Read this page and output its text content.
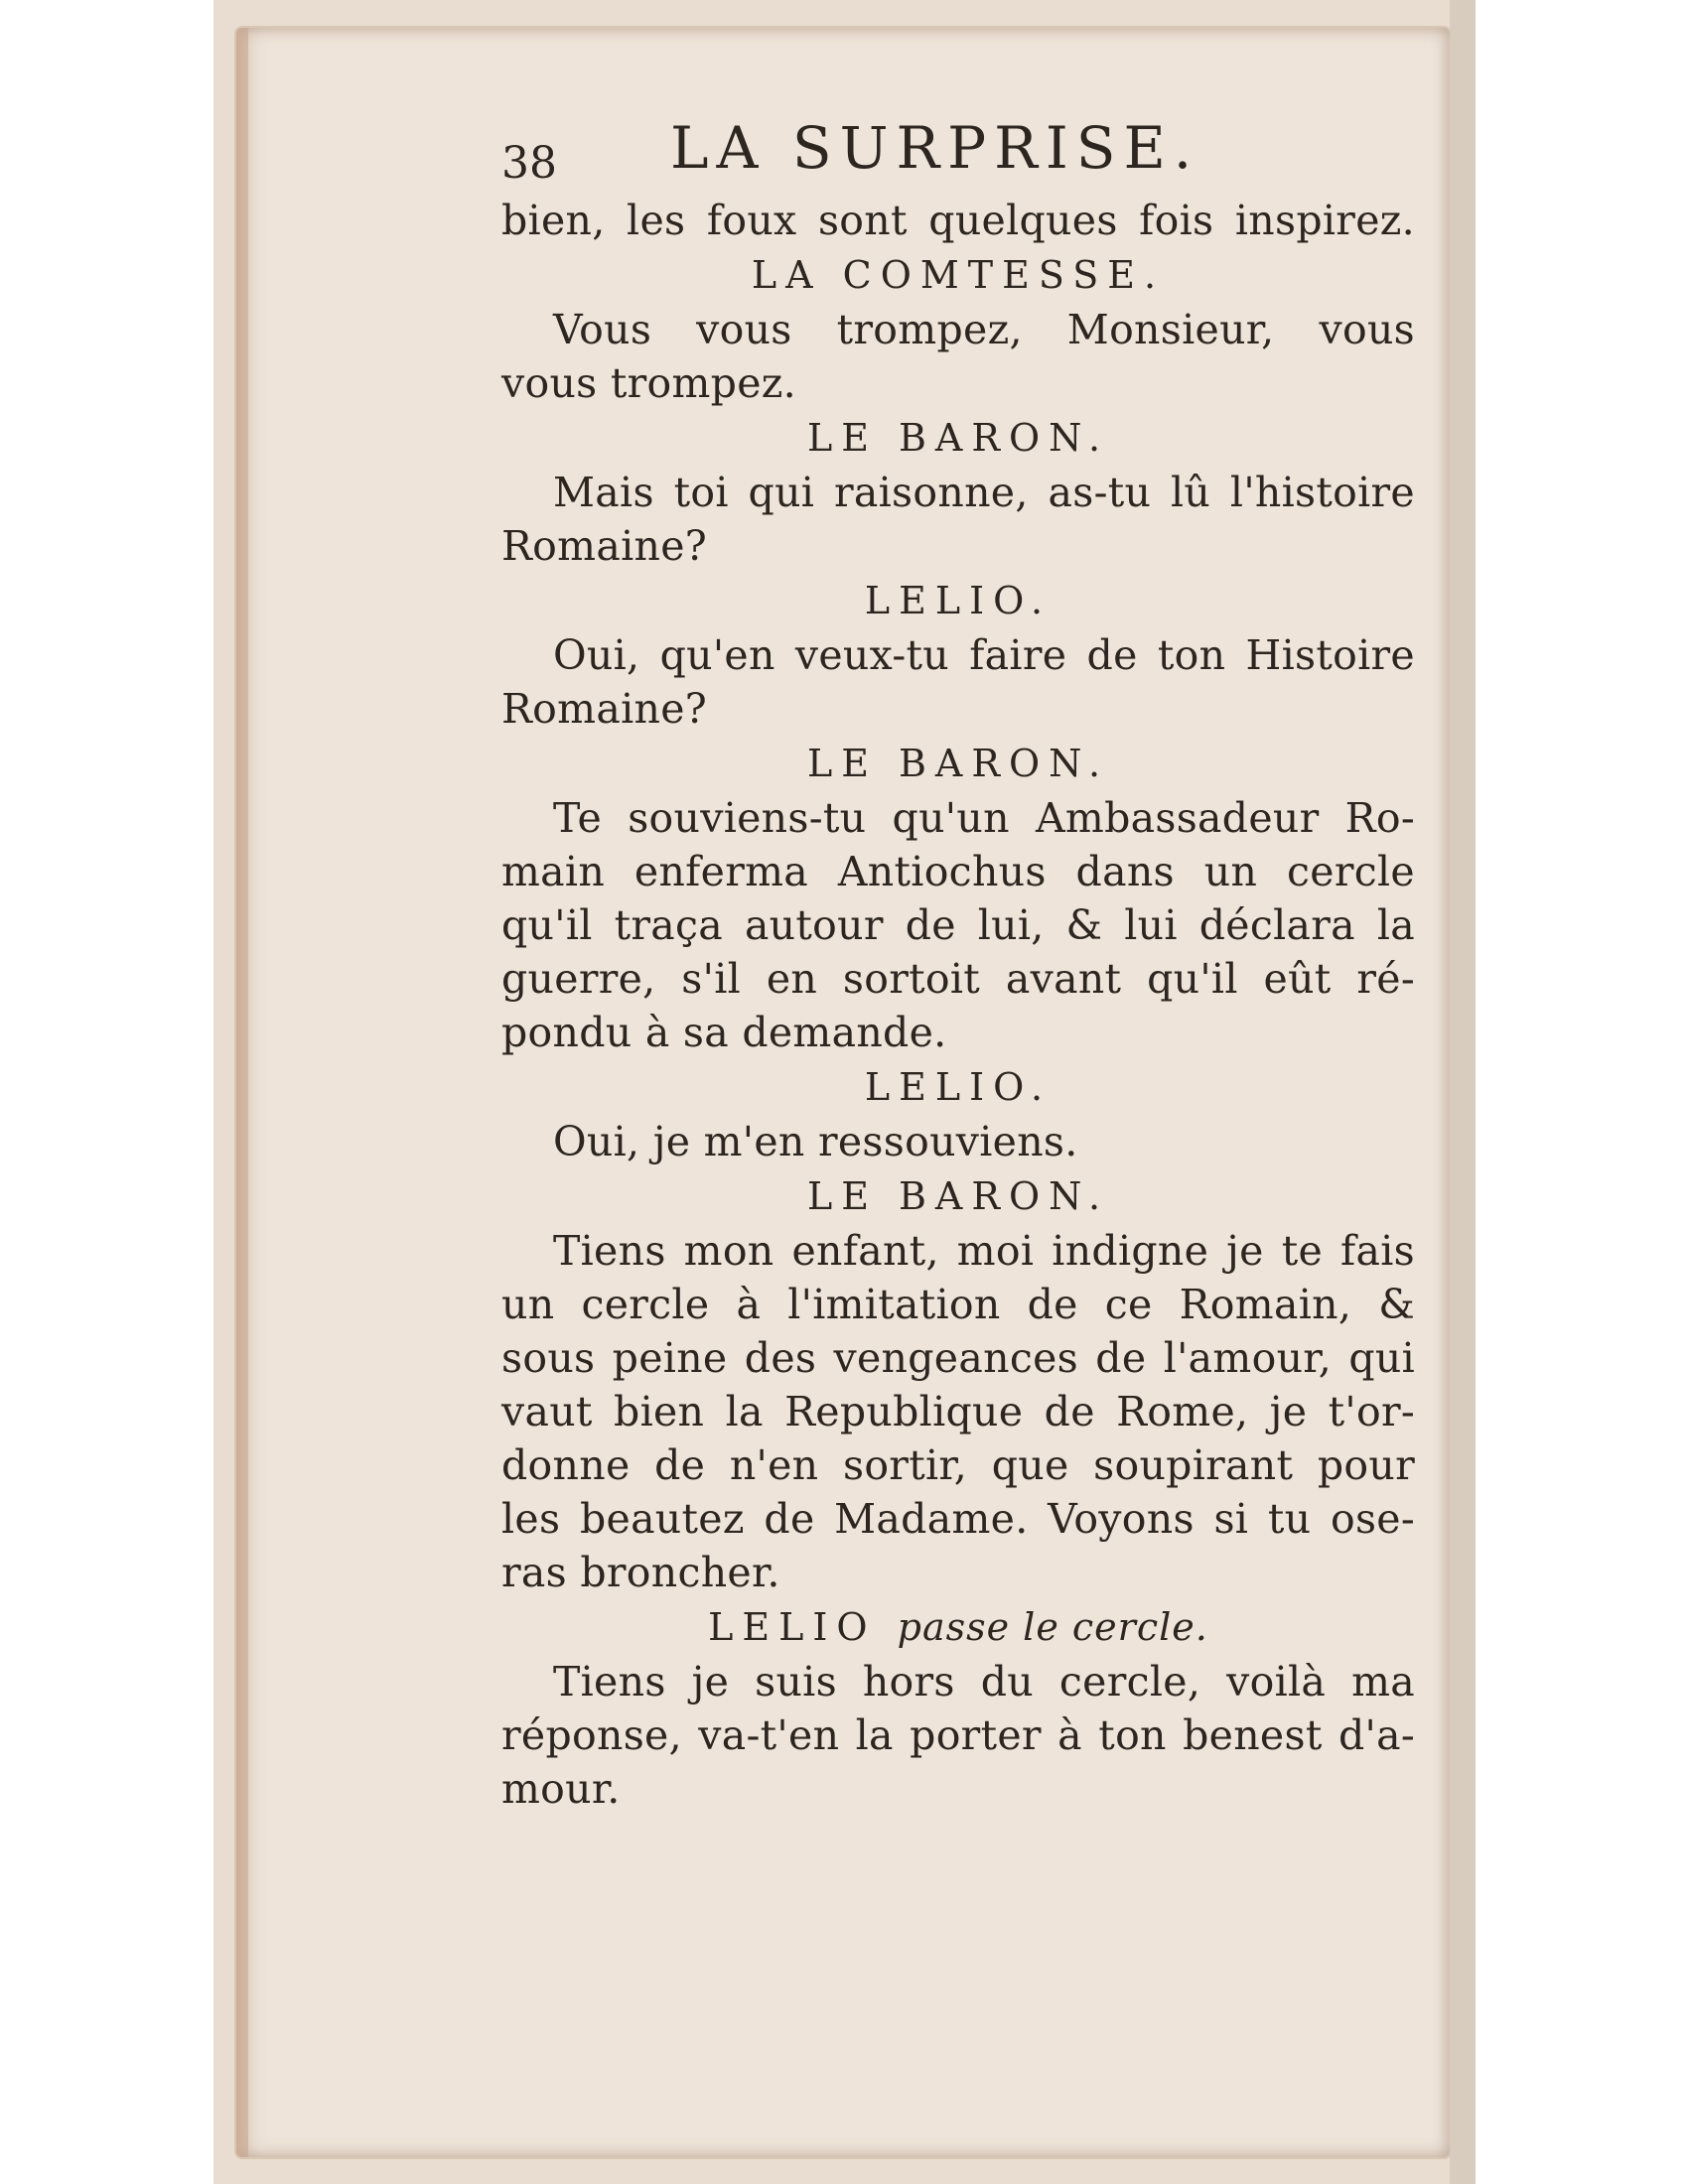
38 LA SURPRISE.
bien, les foux sont quelques fois inspirez.
LA COMTESSE.
Vous vous trompez, Monsieur, vous
vous trompez.
LE BARON.
Mais toi qui raisonne, as-tu lû l'histoire
Romaine?
LELIO.
Oui, qu'en veux-tu faire de ton Histoire
Romaine?
LE BARON.
Te souviens-tu qu'un Ambassadeur Ro-
main enferma Antiochus dans un cercle
qu'il traça autour de lui, & lui déclara la
guerre, s'il en sortoit avant qu'il eût ré-
pondu à sa demande.
LELIO.
Oui, je m'en ressouviens.
LE BARON.
Tiens mon enfant, moi indigne je te fais
un cercle à l'imitation de ce Romain, &
sous peine des vengeances de l'amour, qui
vaut bien la Republique de Rome, je t'or-
donne de n'en sortir, que soupirant pour
les beautez de Madame. Voyons si tu ose-
ras broncher.
LELIO passe le cercle.
Tiens je suis hors du cercle, voilà ma
réponse, va-t'en la porter à ton benest d'a-
mour.
